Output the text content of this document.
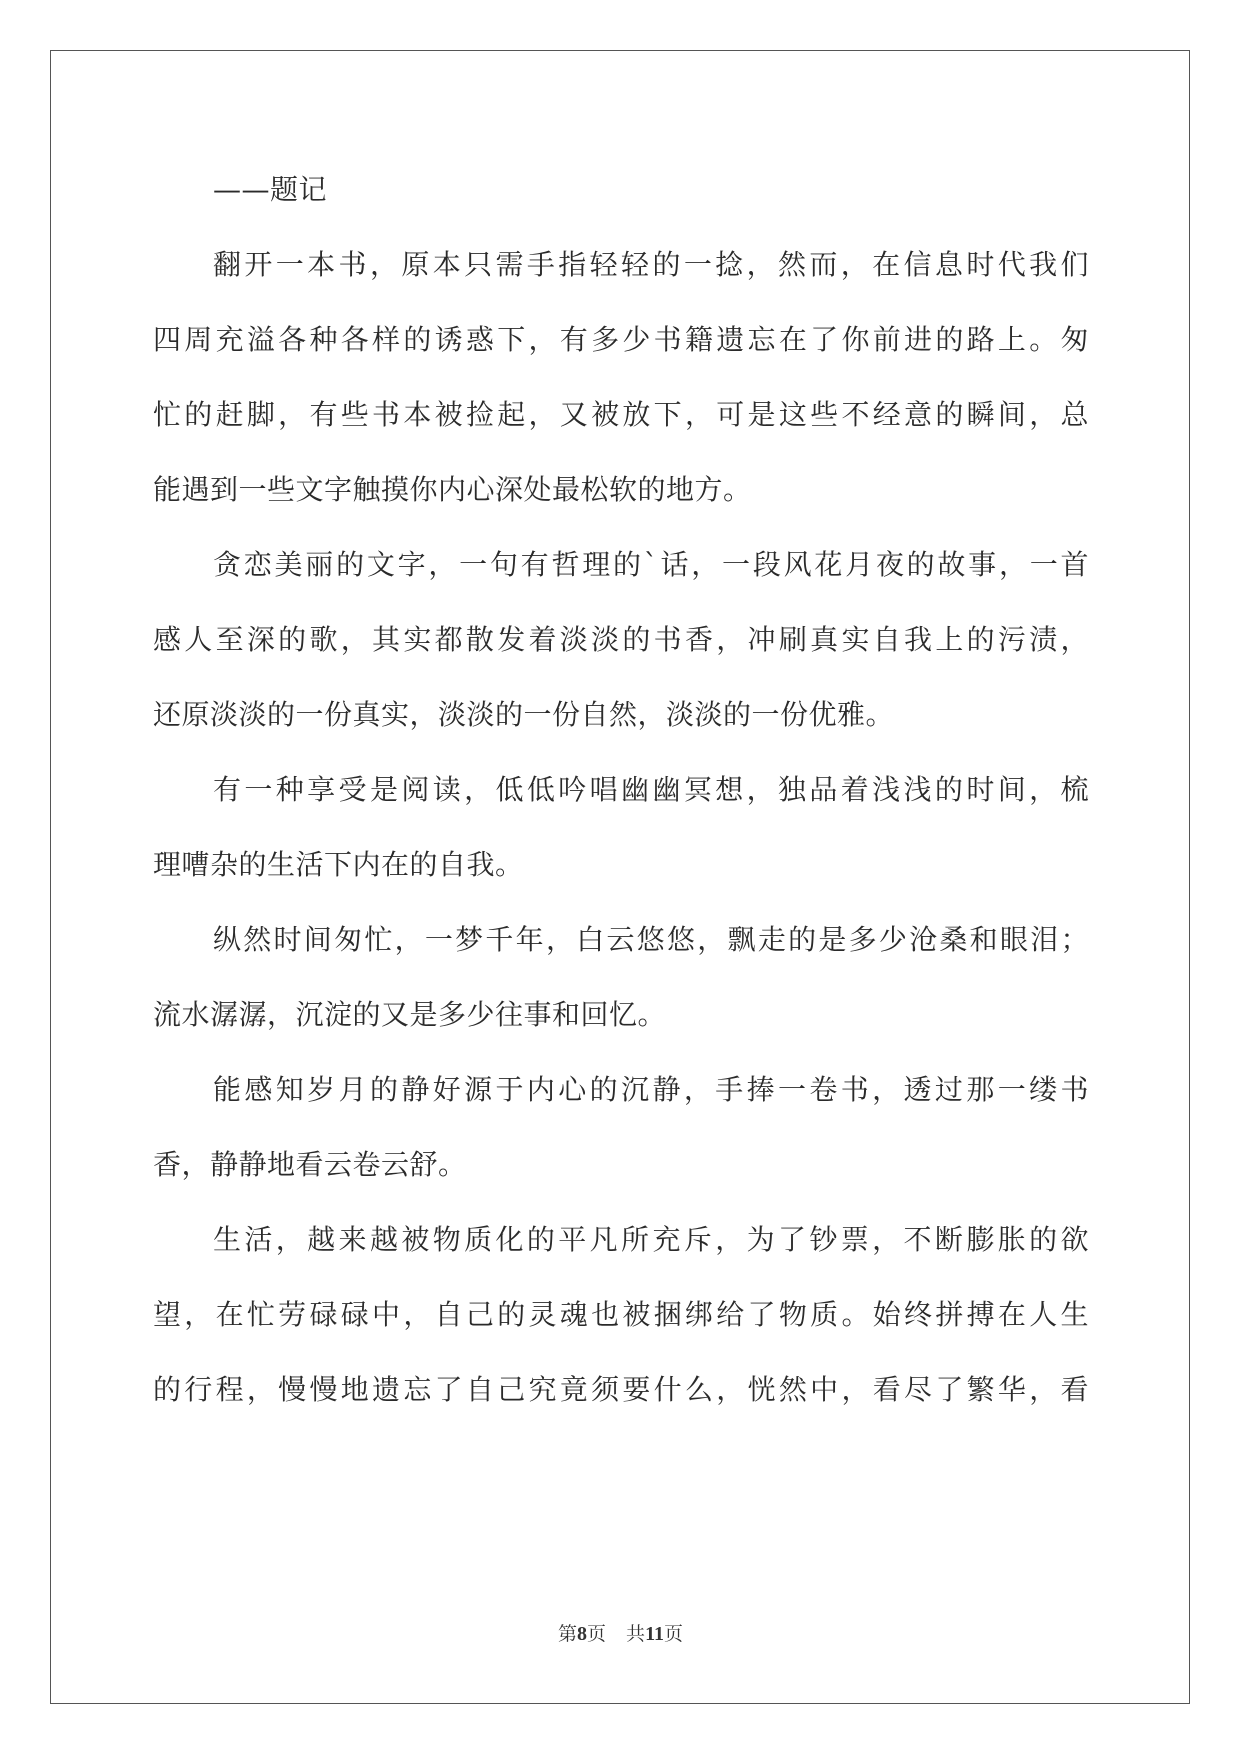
——题记
翻开一本书，原本只需手指轻轻的一捻，然而，在信息时代我们
四周充溢各种各样的诱惑下，有多少书籍遗忘在了你前进的路上。匆
忙的赶脚，有些书本被捡起，又被放下，可是这些不经意的瞬间，总
能遇到一些文字触摸你内心深处最松软的地方。
贪恋美丽的文字，一句有哲理的`话，一段风花月夜的故事，一首
感人至深的歌，其实都散发着淡淡的书香，冲刷真实自我上的污渍，
还原淡淡的一份真实，淡淡的一份自然，淡淡的一份优雅。
有一种享受是阅读，低低吟唱幽幽冥想，独品着浅浅的时间，梳
理嘈杂的生活下内在的自我。
纵然时间匆忙，一梦千年，白云悠悠，飘走的是多少沧桑和眼泪；
流水潺潺，沉淀的又是多少往事和回忆。
能感知岁月的静好源于内心的沉静，手捧一卷书，透过那一缕书
香，静静地看云卷云舒。
生活，越来越被物质化的平凡所充斥，为了钞票，不断膨胀的欲
望，在忙劳碌碌中，自己的灵魂也被捆绑给了物质。始终拼搏在人生
的行程，慢慢地遗忘了自己究竟须要什么，恍然中，看尽了繁华，看
第8页 共11页
